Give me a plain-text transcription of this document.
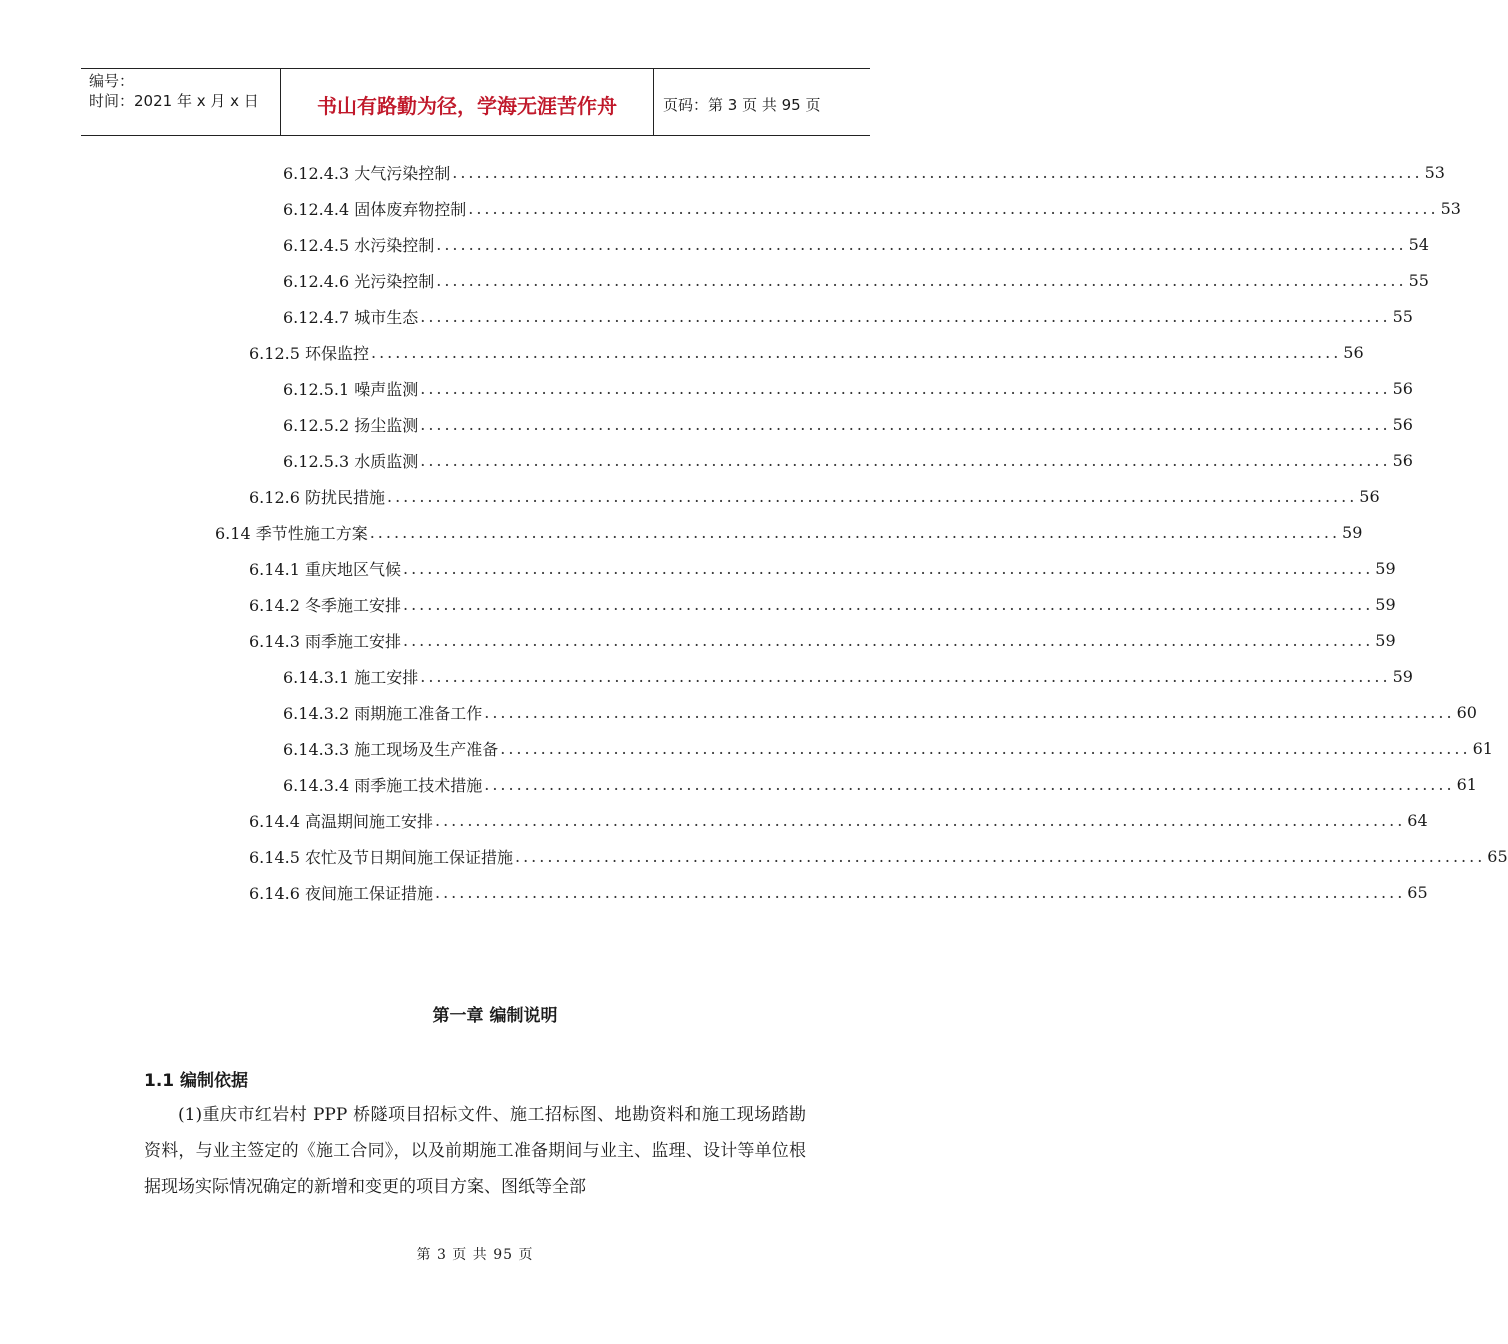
编号：
时间：2021 年 x 月 x 日	书山有路勤为径，学海无涯苦作舟	页码：第 3 页 共 95 页
6.12.4.3 大气污染控制 ........................................................................................................................ 53
6.12.4.4 固体废弃物控制 ........................................................................................................................ 53
6.12.4.5 水污染控制 ........................................................................................................................ 54
6.12.4.6 光污染控制 ........................................................................................................................ 55
6.12.4.7 城市生态 ........................................................................................................................ 55
6.12.5 环保监控 ........................................................................................................................ 56
6.12.5.1 噪声监测 ........................................................................................................................ 56
6.12.5.2 扬尘监测 ........................................................................................................................ 56
6.12.5.3 水质监测 ........................................................................................................................ 56
6.12.6 防扰民措施 ........................................................................................................................ 56
6.14 季节性施工方案 ........................................................................................................................ 59
6.14.1 重庆地区气候 ........................................................................................................................ 59
6.14.2 冬季施工安排 ........................................................................................................................ 59
6.14.3 雨季施工安排 ........................................................................................................................ 59
6.14.3.1 施工安排 ........................................................................................................................ 59
6.14.3.2 雨期施工准备工作 ........................................................................................................................ 60
6.14.3.3 施工现场及生产准备 ........................................................................................................................ 61
6.14.3.4 雨季施工技术措施 ........................................................................................................................ 61
6.14.4 高温期间施工安排 ........................................................................................................................ 64
6.14.5 农忙及节日期间施工保证措施 ........................................................................................................................ 65
6.14.6 夜间施工保证措施 ........................................................................................................................ 65
第一章 编制说明
1.1 编制依据

(1)重庆市红岩村 PPP 桥隧项目招标文件、施工招标图、地勘资料和施工现场踏勘资料，与业主签定的《施工合同》，以及前期施工准备期间与业主、监理、设计等单位根据现场实际情况确定的新增和变更的项目方案、图纸等全部

第 3 页 共 95 页
